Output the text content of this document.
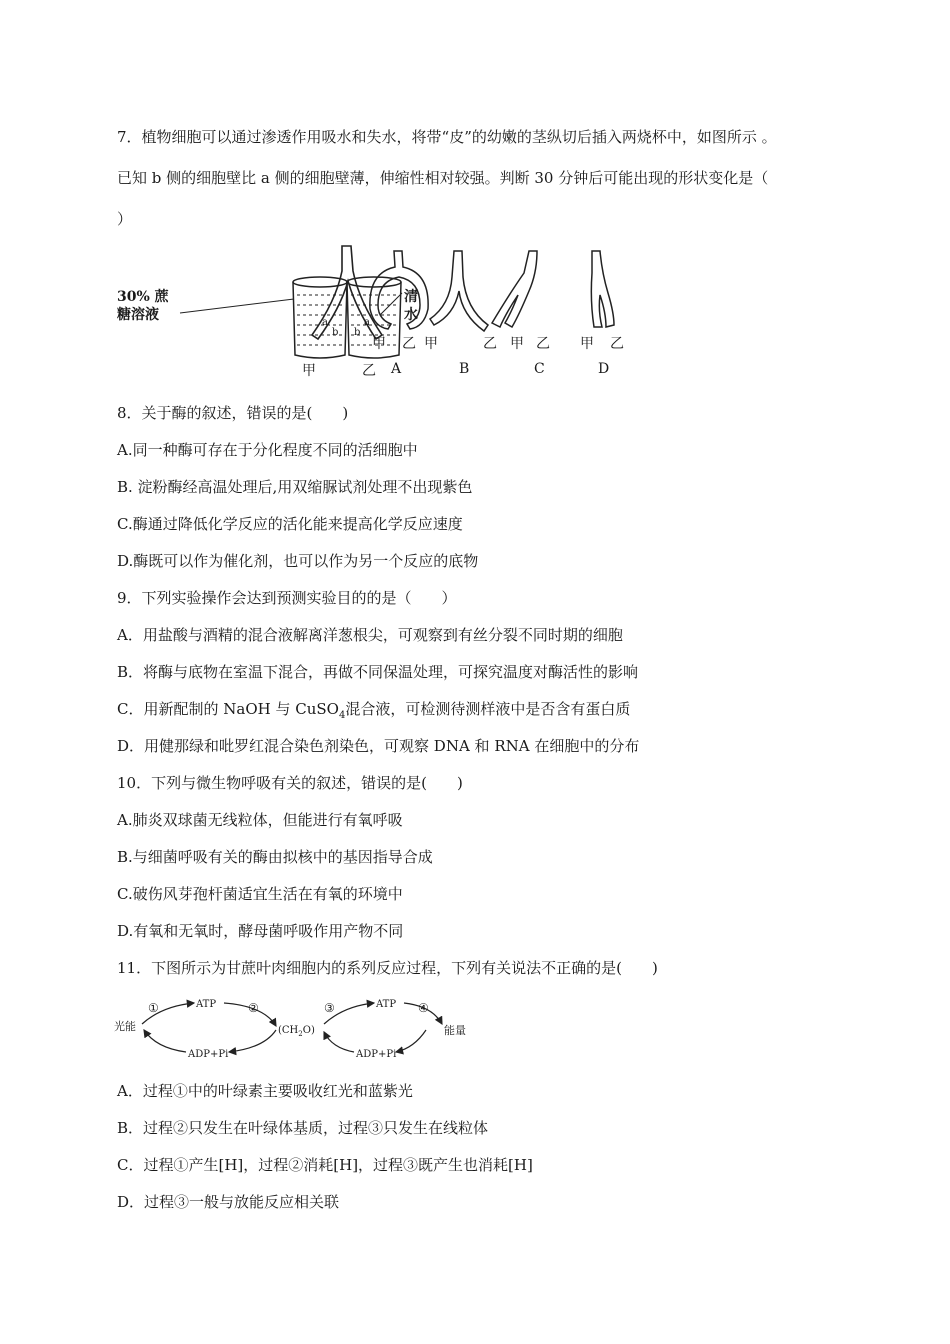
7．植物细胞可以通过渗透作用吸水和失水，将带“皮”的幼嫩的茎纵切后插入两烧杯中，如图所示 。
已知 b 侧的细胞壁比 a 侧的细胞壁薄，伸缩性相对较强。判断 30 分钟后可能出现的形状变化是（
）
30% 蔗
糖溶液
清
水
a
b b
a
甲	乙
甲 乙 甲	乙 甲 乙 甲 乙
A	B	C	D
8．关于酶的叙述，错误的是(　　)
A.同一种酶可存在于分化程度不同的活细胞中
B. 淀粉酶经高温处理后,用双缩脲试剂处理不出现紫色
C.酶通过降低化学反应的活化能来提高化学反应速度
D.酶既可以作为催化剂，也可以作为另一个反应的底物
9．下列实验操作会达到预测实验目的的是（　　）
A．用盐酸与酒精的混合液解离洋葱根尖，可观察到有丝分裂不同时期的细胞
B．将酶与底物在室温下混合，再做不同保温处理，可探究温度对酶活性的影响
C．用新配制的 NaOH 与 CuSO$_4$混合液，可检测待测样液中是否含有蛋白质
D．用健那绿和吡罗红混合染色剂染色，可观察 DNA 和 RNA 在细胞中的分布
10．下列与微生物呼吸有关的叙述，错误的是(　　)
A.肺炎双球菌无线粒体，但能进行有氧呼吸
B.与细菌呼吸有关的酶由拟核中的基因指导合成
C.破伤风芽孢杆菌适宜生活在有氧的环境中
D.有氧和无氧时，酵母菌呼吸作用产物不同
11．下图所示为甘蔗叶肉细胞内的系列反应过程，下列有关说法不正确的是(　　)
光能
①	ATP	②
ADP+Pi
$(CH_2O)$
③	ATP ④
能量
ADP+Pi
A．过程①中的叶绿素主要吸收红光和蓝紫光
B．过程②只发生在叶绿体基质，过程③只发生在线粒体
C．过程①产生[H]，过程②消耗[H]，过程③既产生也消耗[H]
D．过程③一般与放能反应相关联
